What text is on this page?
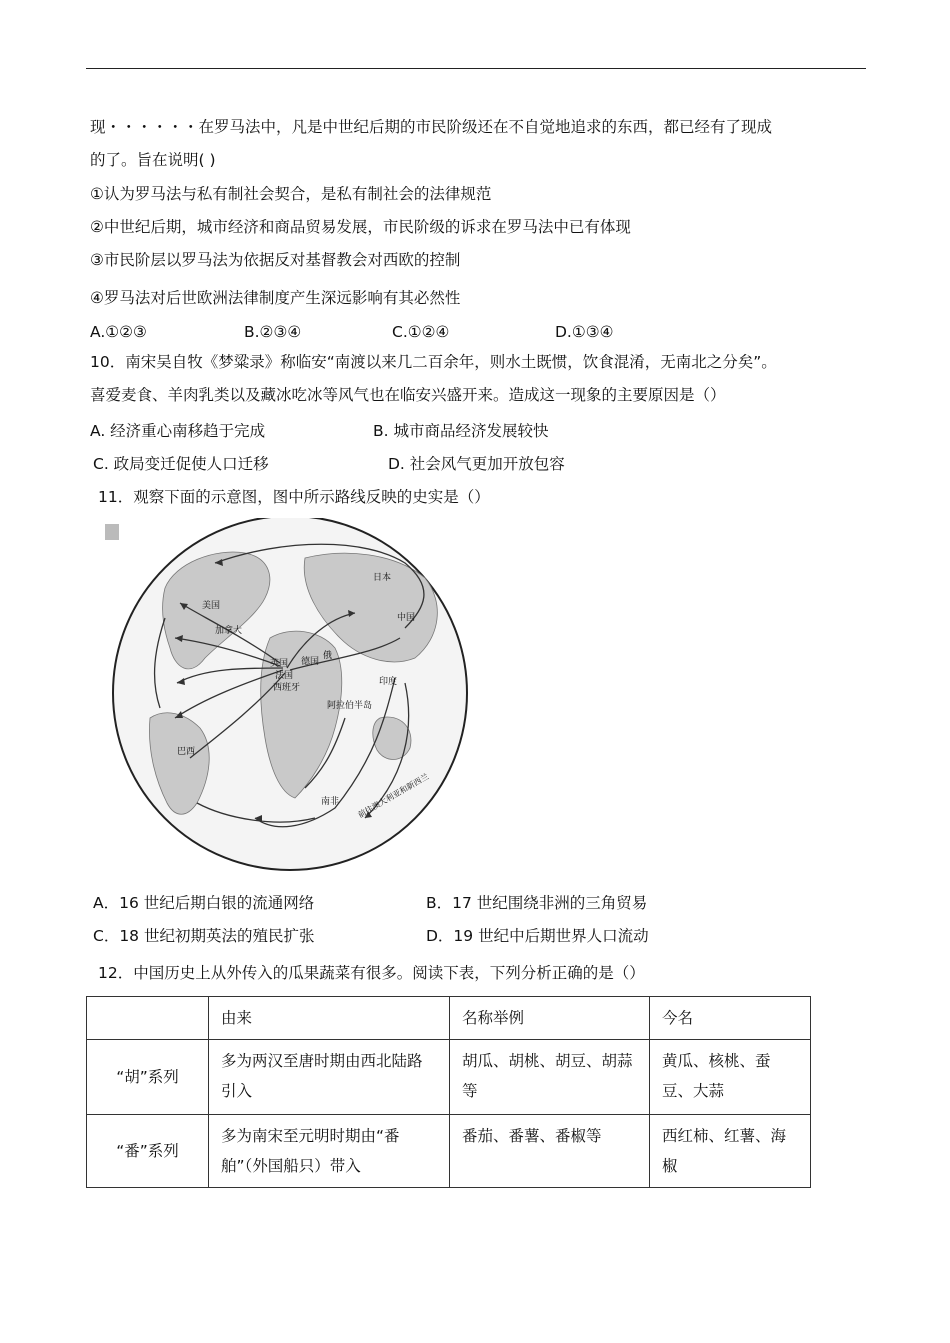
现・・・・・・在罗马法中，凡是中世纪后期的市民阶级还在不自觉地追求的东西，都已经有了现成
的了。旨在说明( )
①认为罗马法与私有制社会契合，是私有制社会的法律规范
②中世纪后期，城市经济和商品贸易发展，市民阶级的诉求在罗马法中已有体现
③市民阶层以罗马法为依据反对基督教会对西欧的控制
④罗马法对后世欧洲法律制度产生深远影响有其必然性
A.①②③	B.②③④	C.①②④	D.①③④
10．南宋吴自牧《梦粱录》称临安“南渡以来几二百余年，则水土既惯，饮食混淆，无南北之分矣”。
喜爱麦食、羊肉乳类以及藏冰吃冰等风气也在临安兴盛开来。造成这一现象的主要原因是（）
A. 经济重心南移趋于完成	B. 城市商品经济发展较快
C. 政局变迁促使人口迁移	D. 社会风气更加开放包容
11．观察下面的示意图，图中所示路线反映的史实是（）
日本
中国
美国
加拿大
英国
法国
德国
俄
西班牙
印度
阿拉伯半岛
巴西
南非 前往澳大利亚和新西兰
A．16 世纪后期白银的流通网络	B．17 世纪围绕非洲的三角贸易
C．18 世纪初期英法的殖民扩张	D．19 世纪中后期世界人口流动
12．中国历史上从外传入的瓜果蔬菜有很多。阅读下表，下列分析正确的是（）

	由来	名称举例	今名

“胡”系列	多为两汉至唐时期由西北陆路引入	胡瓜、胡桃、胡豆、胡蒜等	黄瓜、核桃、蚕豆、大蒜

“番”系列	多为南宋至元明时期由“番舶”（外国船只）带入	番茄、番薯、番椒等	西红柿、红薯、海椒
